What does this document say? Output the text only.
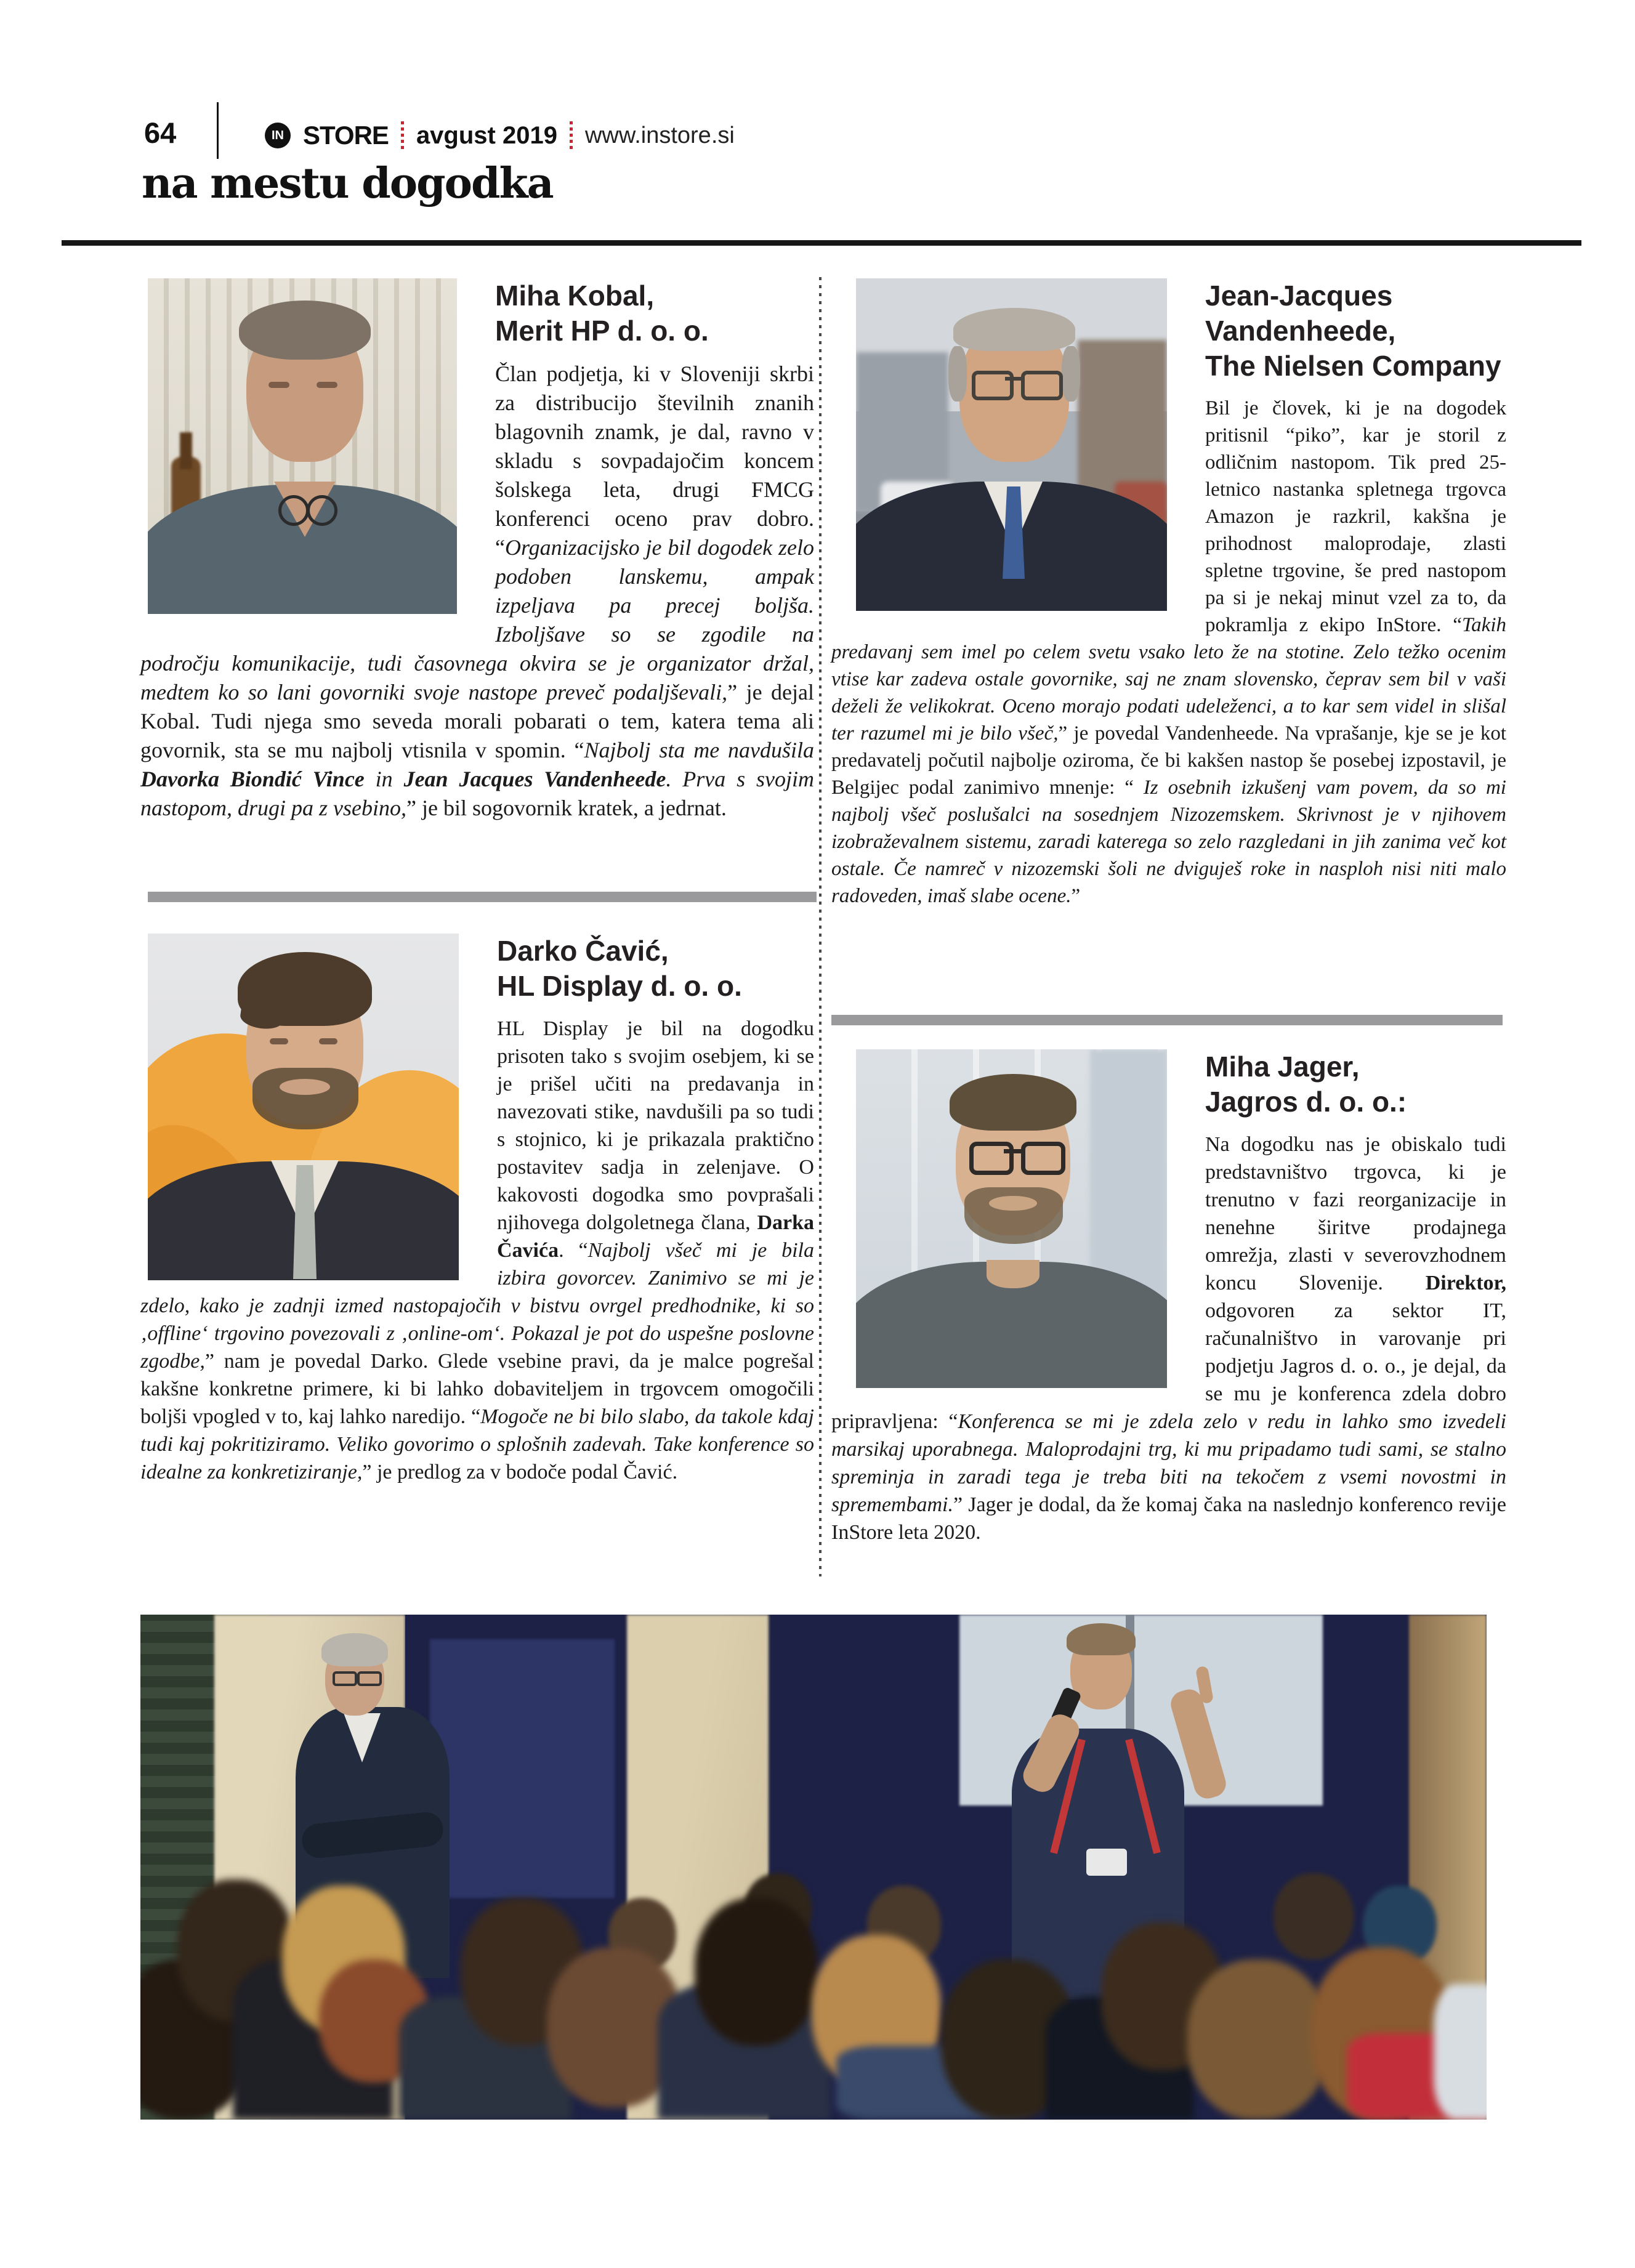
64	IN STORE avgust 2019 www.instore.si
na mestu dogodka
Miha Kobal,
Merit HP d. o. o.

Član podjetja, ki v Sloveniji skrbi za distribucijo številnih znanih blagovnih znamk, je dal, ravno v skladu s sovpadajočim koncem šolskega leta, drugi FMCG konferenci oceno prav dobro. “Organizacijsko je bil dogodek zelo podoben lanskemu, ampak izpeljava pa precej boljša. Izboljšave so se zgodile na področju komunikacije, tudi časovnega okvira se je organizator držal, medtem ko so lani govorniki svoje nastope preveč podaljševali,” je dejal Kobal. Tudi njega smo seveda morali pobarati o tem, katera tema ali govornik, sta se mu najbolj vtisnila v spomin. “Najbolj sta me navdušila Davorka Biondić Vince in Jean Jacques Vandenheede. Prva s svojim nastopom, drugi pa z vsebino,” je bil sogovornik kratek, a jedrnat.

Jean-Jacques Vandenheede,
The Nielsen Company

Bil je človek, ki je na dogodek pritisnil “piko”, kar je storil z odličnim nastopom. Tik pred 25-letnico nastanka spletnega trgovca Amazon je razkril, kakšna je prihodnost maloprodaje, zlasti spletne trgovine, še pred nastopom pa si je nekaj minut vzel za to, da pokramlja z ekipo InStore. “Takih predavanj sem imel po celem svetu vsako leto že na stotine. Zelo težko ocenim vtise kar zadeva ostale govornike, saj ne znam slovensko, čeprav sem bil v vaši deželi že velikokrat. Oceno morajo podati udeleženci, a to kar sem videl in slišal ter razumel mi je bilo všeč,” je povedal Vandenheede. Na vprašanje, kje se je kot predavatelj počutil najbolje oziroma, če bi kakšen nastop še posebej izpostavil, je Belgijec podal zanimivo mnenje: “ Iz osebnih izkušenj vam povem, da so mi najbolj všeč poslušalci na sosednjem Nizozemskem. Skrivnost je v njihovem izobraževalnem sistemu, zaradi katerega so zelo razgledani in jih zanima več kot ostale. Če namreč v nizozemski šoli ne dviguješ roke in nasploh nisi niti malo radoveden, imaš slabe ocene.”

Darko Čavić,
HL Display d. o. o.

HL Display je bil na dogodku prisoten tako s svojim osebjem, ki se je prišel učiti na predavanja in navezovati stike, navdušili pa so tudi s stojnico, ki je prikazala praktično postavitev sadja in zelenjave. O kakovosti dogodka smo povprašali njihovega dolgoletnega člana, Darka Čavića. “Najbolj všeč mi je bila izbira govorcev. Zanimivo se mi je zdelo, kako je zadnji izmed nastopajočih v bistvu ovrgel predhodnike, ki so ‚offline‘ trgovino povezovali z ‚online-om‘. Pokazal je pot do uspešne poslovne zgodbe,” nam je povedal Darko. Glede vsebine pravi, da je malce pogrešal kakšne konkretne primere, ki bi lahko dobaviteljem in trgovcem omogočili boljši vpogled v to, kaj lahko naredijo. “Mogoče ne bi bilo slabo, da takole kdaj tudi kaj pokritiziramo. Veliko govorimo o splošnih zadevah. Take konference so idealne za konkretiziranje,” je predlog za v bodoče podal Čavić.

Miha Jager,
Jagros d. o. o.:

Na dogodku nas je obiskalo tudi predstavništvo trgovca, ki je trenutno v fazi reorganizacije in nenehne širitve prodajnega omrežja, zlasti v severovzhodnem koncu Slovenije. Direktor, odgovoren za sektor IT, računalništvo in varovanje pri podjetju Jagros d. o. o., je dejal, da se mu je konferenca zdela dobro pripravljena: “Konferenca se mi je zdela zelo v redu in lahko smo izvedeli marsikaj uporabnega. Maloprodajni trg, ki mu pripadamo tudi sami, se stalno spreminja in zaradi tega je treba biti na tekočem z vsemi novostmi in spremembami.” Jager je dodal, da že komaj čaka na naslednjo konferenco revije InStore leta 2020.
